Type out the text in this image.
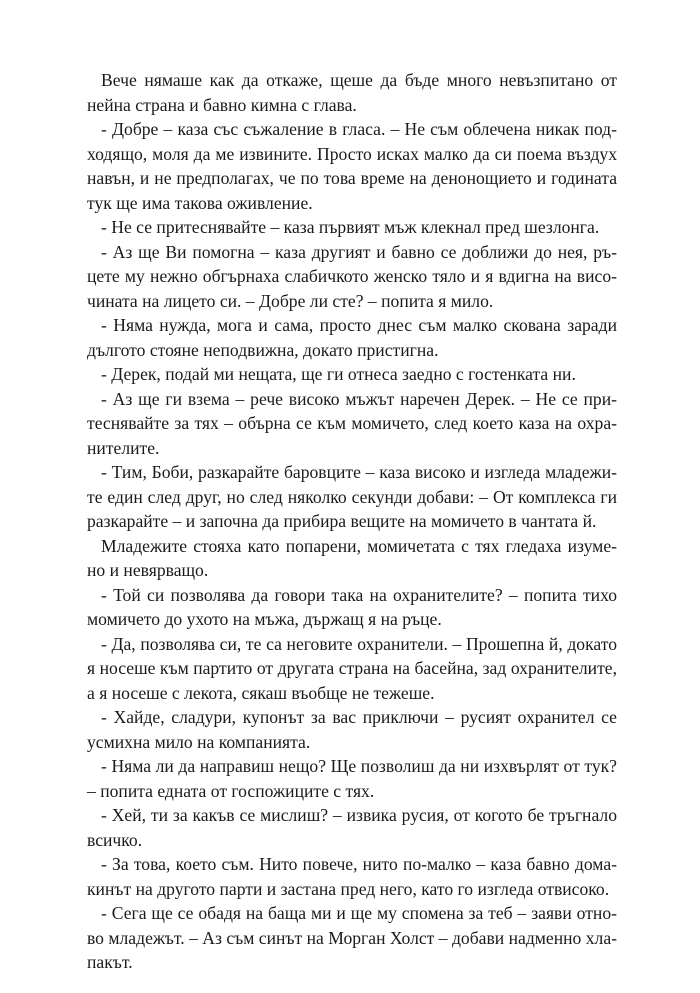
Вече нямаше как да откаже, щеше да бъде много невъзпитано от
нейна страна и бавно кимна с глава.
- Добре – каза със съжаление в гласа. – Не съм облечена никак под-
ходящо, моля да ме извините. Просто исках малко да си поема въздух
навън, и не предполагах, че по това време на денонощието и годината
тук ще има такова оживление.
- Не се притеснявайте – каза първият мъж клекнал пред шезлонга.
- Аз ще Ви помогна – каза другият и бавно се доближи до нея, ръ-
цете му нежно обгърнаха слабичкото женско тяло и я вдигна на висо-
чината на лицето си. – Добре ли сте? – попита я мило.
- Няма нужда, мога и сама, просто днес съм малко скована заради
дългото стояне неподвижна, докато пристигна.
- Дерек, подай ми нещата, ще ги отнеса заедно с гостенката ни.
- Аз ще ги взема – рече високо мъжът наречен Дерек. – Не се при-
теснявайте за тях – обърна се към момичето, след което каза на охра-
нителите.
- Тим, Боби, разкарайте баровците – каза високо и изгледа младежи-
те един след друг, но след няколко секунди добави: – От комплекса ги
разкарайте – и започна да прибира вещите на момичето в чантата й.
Младежите стояха като попарени, момичетата с тях гледаха изумe-
но и невярващо.
- Той си позволява да говори така на охранителите? – попита тихо
момичето до ухото на мъжа, държащ я на ръце.
- Да, позволява си, те са неговите охранители. – Прошепна й, докато
я носеше към партито от другата страна на басейна, зад охранителите,
а я носеше с лекота, сякаш въобще не тежеше.
- Хайде, сладури, купонът за вас приключи – русият охранител се
усмихна мило на компанията.
- Няма ли да направиш нещо? Ще позволиш да ни изхвърлят от тук?
– попита едната от госпожиците с тях.
- Хей, ти за какъв се мислиш? – извика русия, от когото бе тръгнало
всичко.
- За това, което съм. Нито повече, нито по-малко – каза бавно дома-
кинът на другото парти и застана пред него, като го изгледа отвисоко.
- Сега ще се обадя на баща ми и ще му спомена за теб – заяви отно-
во младежът. – Аз съм синът на Морган Холст – добави надменно хла-
пакът.
